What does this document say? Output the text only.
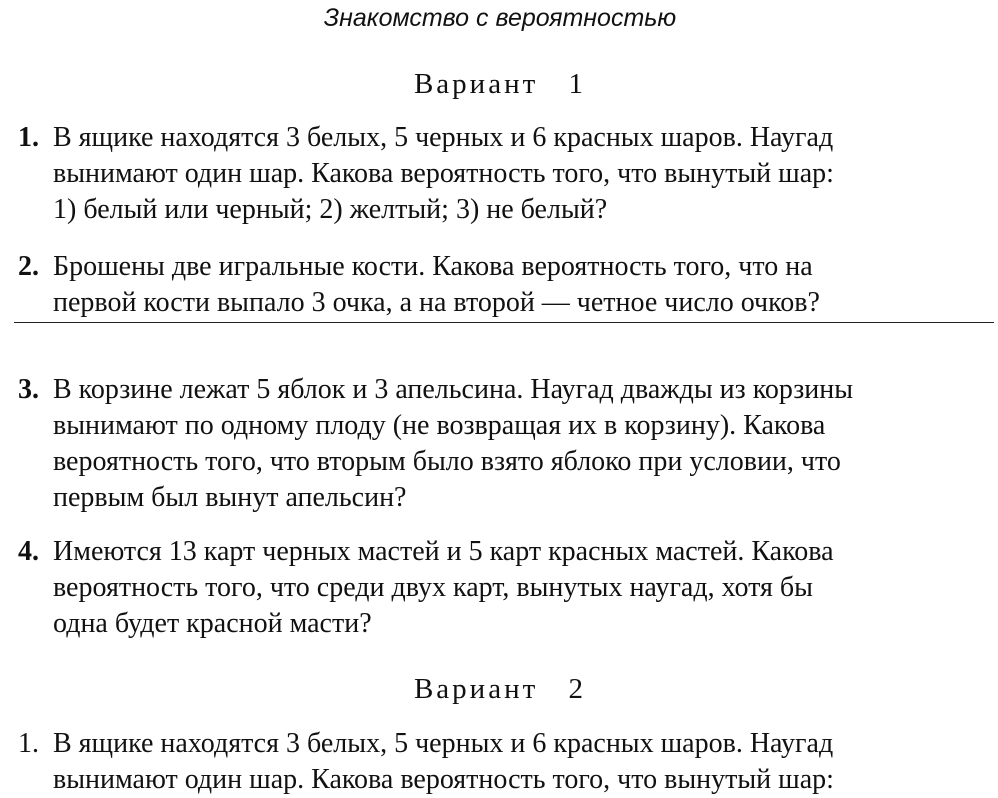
Знакомство с вероятностью
Вариант 1
1. В ящике находятся 3 белых, 5 черных и 6 красных шаров. Наугад
вынимают один шар. Какова вероятность того, что вынутый шар:
1) белый или черный; 2) желтый; 3) не белый?
2. Брошены две игральные кости. Какова вероятность того, что на
первой кости выпало 3 очка, а на второй — четное число очков?
3. В корзине лежат 5 яблок и 3 апельсина. Наугад дважды из корзины
вынимают по одному плоду (не возвращая их в корзину). Какова
вероятность того, что вторым было взято яблоко при условии, что
первым был вынут апельсин?
4. Имеются 13 карт черных мастей и 5 карт красных мастей. Какова
вероятность того, что среди двух карт, вынутых наугад, хотя бы
одна будет красной масти?
Вариант 2
1. В ящике находятся 3 белых, 5 черных и 6 красных шаров. Наугад
вынимают один шар. Какова вероятность того, что вынутый шар:
